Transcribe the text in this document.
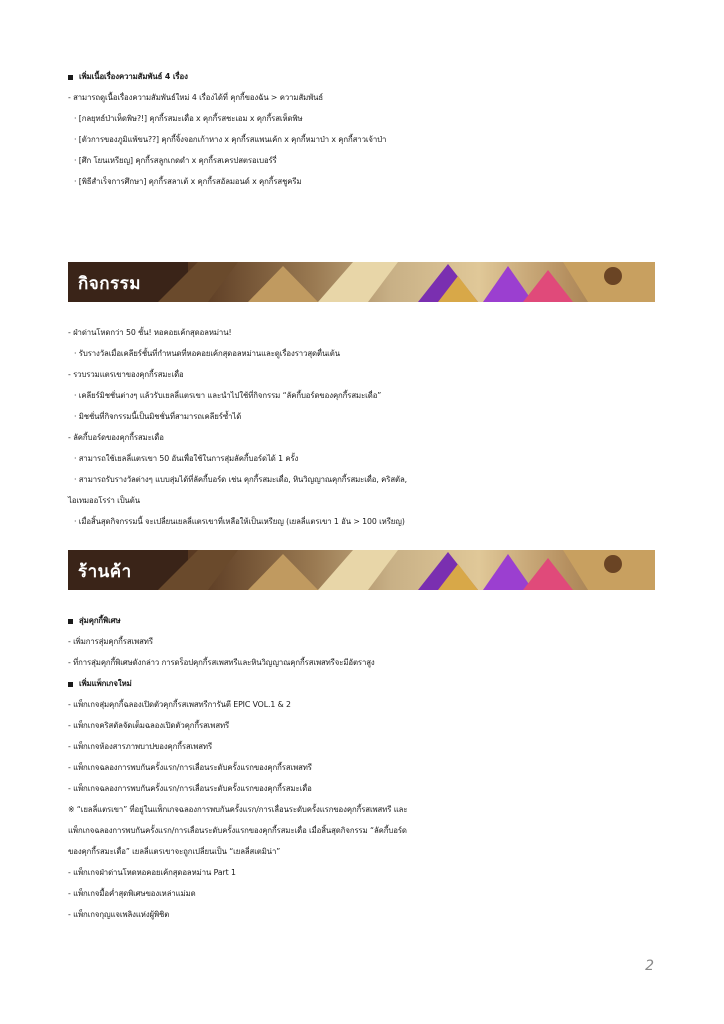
เพิ่มเนื้อเรื่องความสัมพันธ์ 4 เรื่อง
- สามารถดูเนื้อเรื่องความสัมพันธ์ใหม่ 4 เรื่องได้ที่ คุกกี้ของฉัน > ความสัมพันธ์
· [กลยุทธ์ป่าเห็ดพิษ?!] คุกกี้รสมะเดื่อ x คุกกี้รสชะเอม x คุกกี้รสเห็ดพิษ
· [ตัวการของภูมิแพ้ขน??] คุกกี้จิ้งจอกเก้าหาง x คุกกี้รสแพนเค้ก x คุกกี้หมาป่า x คุกกี้สาวเจ้าป่า
· [ศึก โยนเหรียญ] คุกกี้รสลูกเกดดำ x คุกกี้รสเครปสตรอเบอร์รี่
· [พิธีสำเร็จการศึกษา] คุกกี้รสลาเต้ x คุกกี้รสอัลมอนด์ x คุกกี้รสชูครีม
กิจกรรม
- ฝ่าด่านโหดกว่า 50 ชั้น! หอคอยเค้กสุดอลหม่าน!
· รับรางวัลเมื่อเคลียร์ชั้นที่กำหนดที่หอคอยเค้กสุดอลหม่านและดูเรื่องราวสุดตื่นเต้น
- รวบรวมแตรเขาของคุกกี้รสมะเดื่อ
· เคลียร์มิชชั่นต่างๆ แล้วรับเยลลี่แตรเขา และนำไปใช้ที่กิจกรรม “ลัคกี้บอร์ดของคุกกี้รสมะเดื่อ”
· มิชชั่นที่กิจกรรมนี้เป็นมิชชั่นที่สามารถเคลียร์ซ้ำได้
- ลัคกี้บอร์ดของคุกกี้รสมะเดื่อ
· สามารถใช้เยลลี่แตรเขา 50 อันเพื่อใช้ในการสุ่มลัคกี้บอร์ดได้ 1 ครั้ง
· สามารถรับรางวัลต่างๆ แบบสุ่มได้ที่ลัคกี้บอร์ด เช่น คุกกี้รสมะเดื่อ, หินวิญญาณคุกกี้รสมะเดื่อ, คริสตัล,
ไอเทมออโรร่า เป็นต้น
· เมื่อสิ้นสุดกิจกรรมนี้ จะเปลี่ยนเยลลี่แตรเขาที่เหลือให้เป็นเหรียญ (เยลลี่แตรเขา 1 อัน > 100 เหรียญ)
ร้านค้า
สุ่มคุกกี้พิเศษ
- เพิ่มการสุ่มคุกกี้รสเพสทรี
- ที่การสุ่มคุกกี้พิเศษดังกล่าว การดร็อปคุกกี้รสเพสทรีและหินวิญญาณคุกกี้รสเพสทรีจะมีอัตราสูง
เพิ่มแพ็กเกจใหม่
- แพ็กเกจสุ่มคุกกี้ฉลองเปิดตัวคุกกี้รสเพสทรีการันตี EPIC VOL.1 & 2
- แพ็กเกจคริสตัลจัดเต็มฉลองเปิดตัวคุกกี้รสเพสทรี
- แพ็กเกจห้องสารภาพบาปของคุกกี้รสเพสทรี
- แพ็กเกจฉลองการพบกันครั้งแรก/การเลื่อนระดับครั้งแรกของคุกกี้รสเพสทรี
- แพ็กเกจฉลองการพบกันครั้งแรก/การเลื่อนระดับครั้งแรกของคุกกี้รสมะเดื่อ
※ “เยลลี่แตรเขา” ที่อยู่ในแพ็กเกจฉลองการพบกันครั้งแรก/การเลื่อนระดับครั้งแรกของคุกกี้รสเพสทรี และ
แพ็กเกจฉลองการพบกันครั้งแรก/การเลื่อนระดับครั้งแรกของคุกกี้รสมะเดื่อ เมื่อสิ้นสุดกิจกรรม “ลัคกี้บอร์ด
ของคุกกี้รสมะเดื่อ” เยลลี่แตรเขาจะถูกเปลี่ยนเป็น “เยลลี่สเตมิน่า”
- แพ็กเกจฝ่าด่านโหดหอคอยเค้กสุดอลหม่าน Part 1
- แพ็กเกจมื้อค่ำสุดพิเศษของเหล่าแม่มด
- แพ็กเกจกุญแจเพลิงแห่งผู้พิชิต
2
